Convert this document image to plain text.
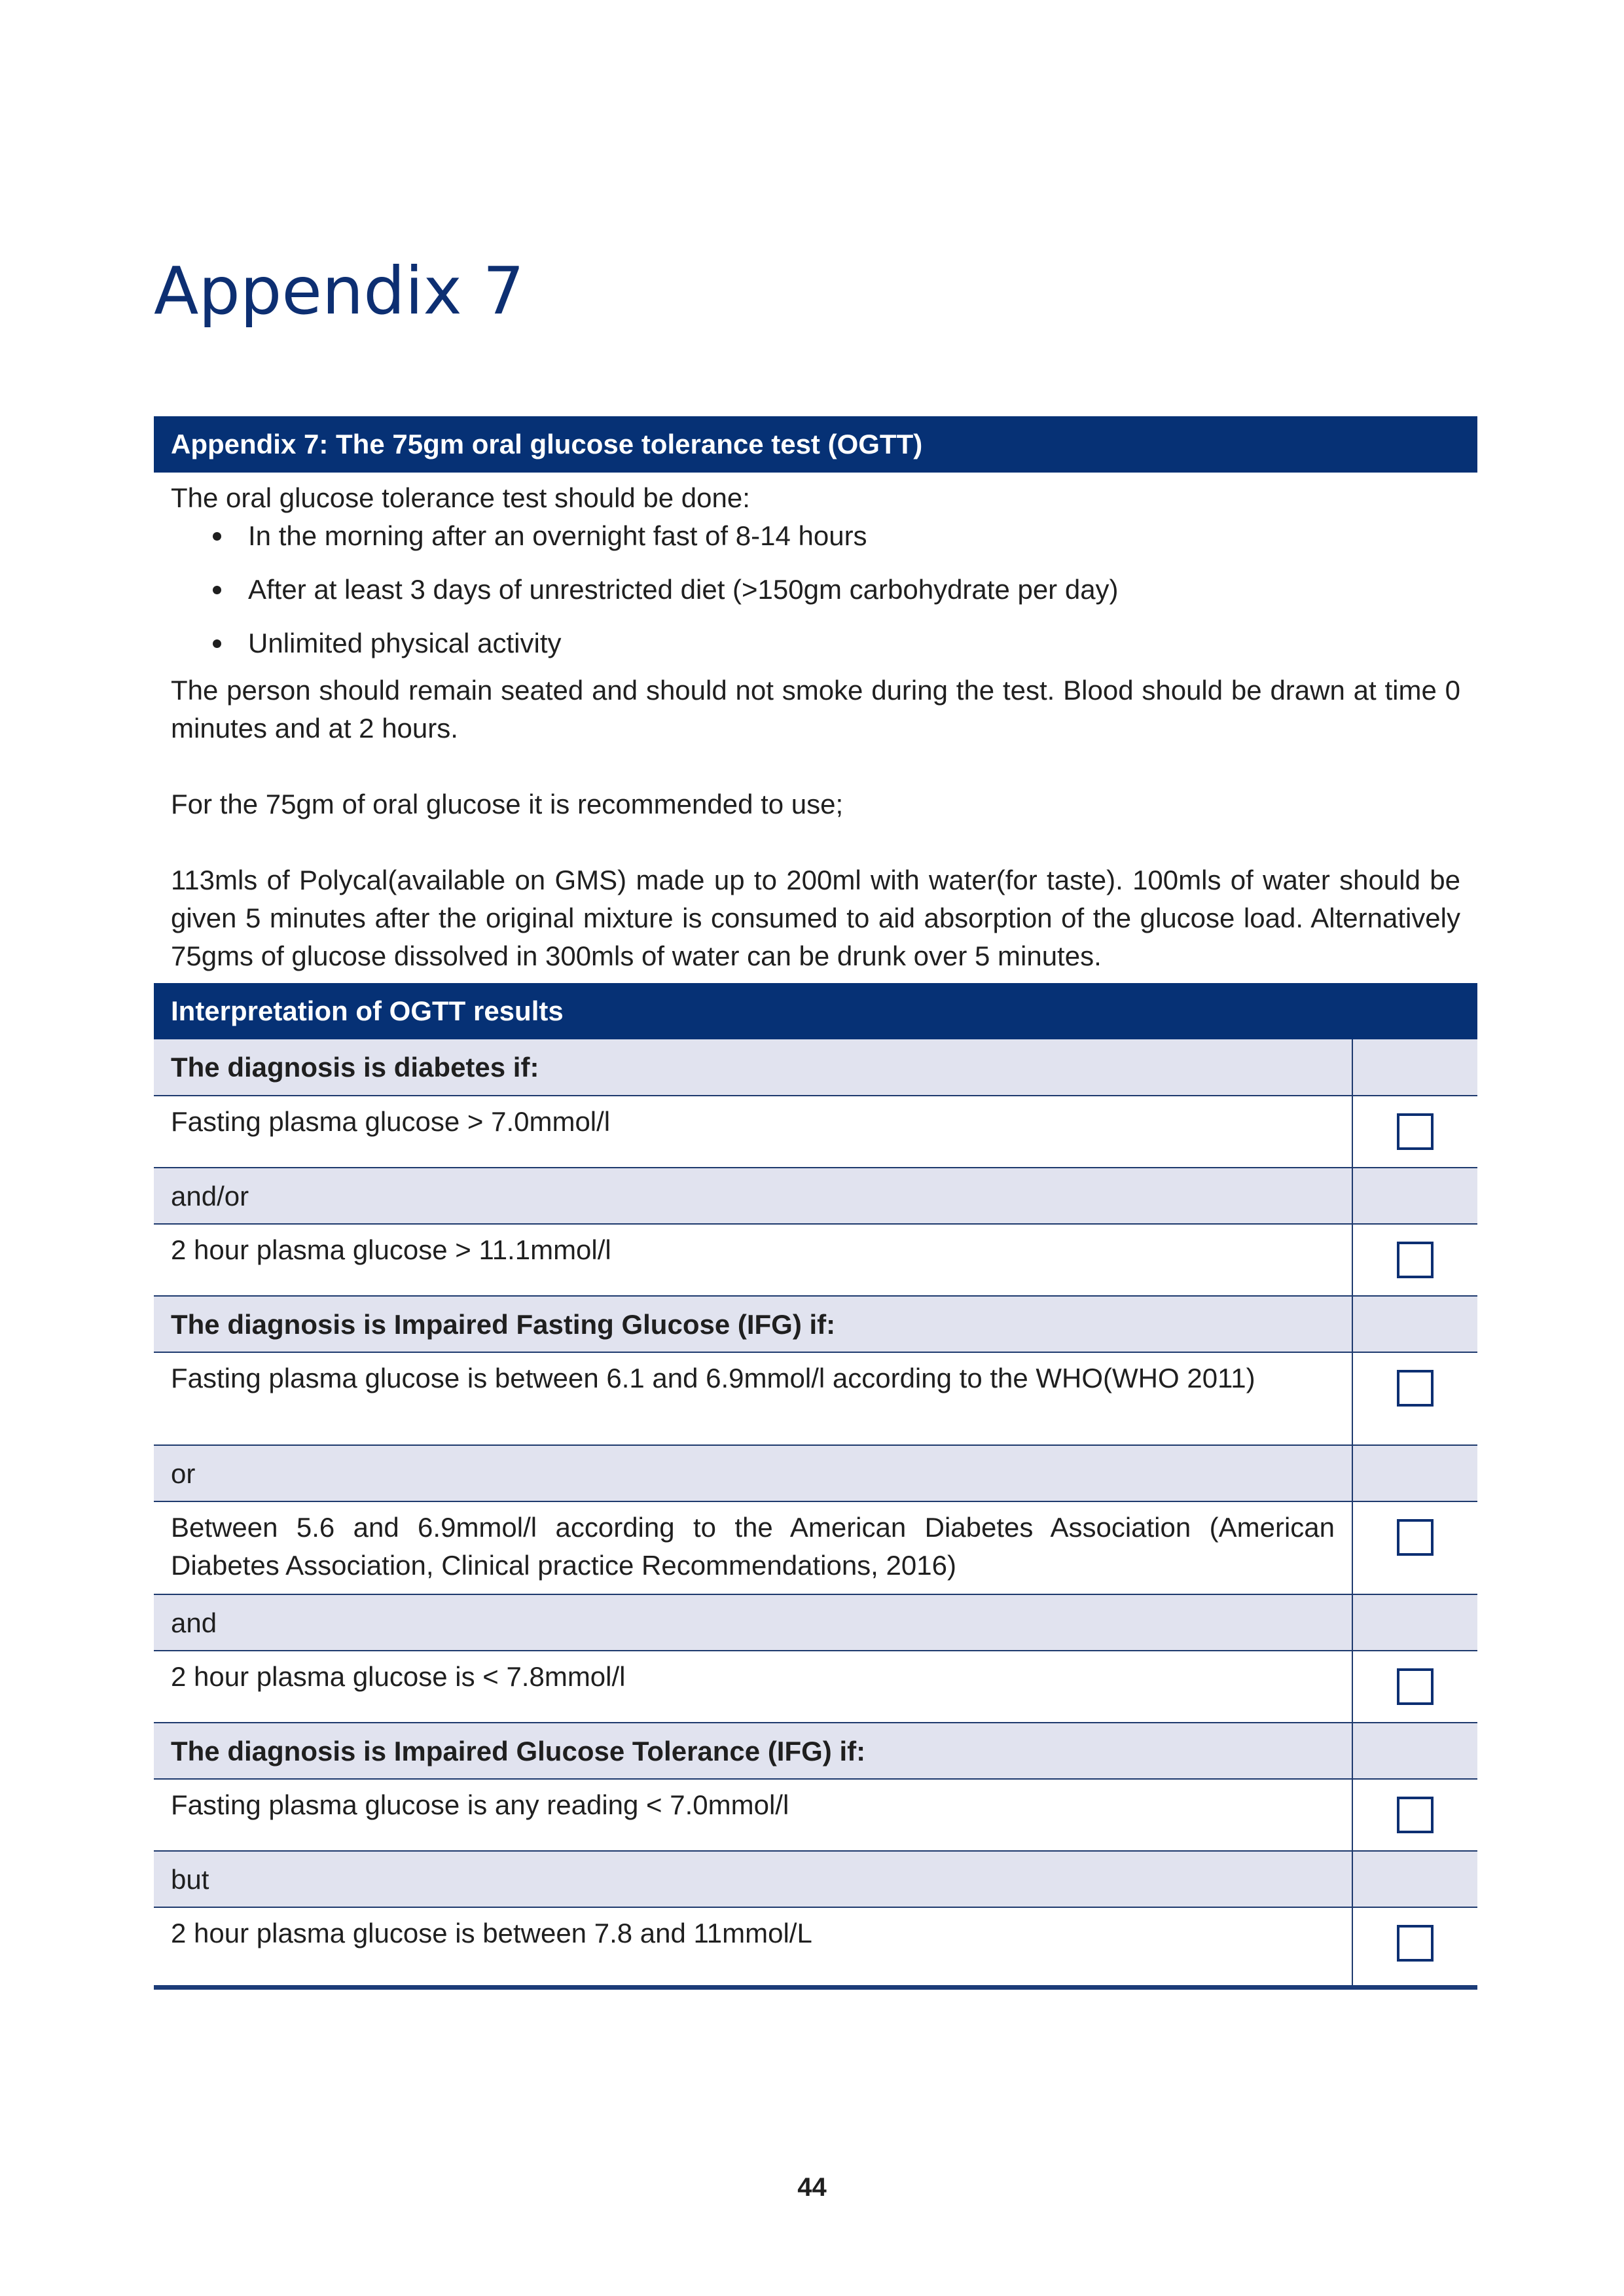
Appendix 7
Appendix 7: The 75gm oral glucose tolerance test (OGTT)

The oral glucose tolerance test should be done:

In the morning after an overnight fast of 8-14 hours
After at least 3 days of unrestricted diet (>150gm carbohydrate per day)
Unlimited physical activity

The person should remain seated and should not smoke during the test. Blood should be drawn at time 0 minutes and at 2 hours.

For the 75gm of oral glucose it is recommended to use;

113mls of Polycal(available on GMS) made up to 200ml with water(for taste). 100mls of water should be given 5 minutes after the original mixture is consumed to aid absorption of the glucose load. Alternatively 75gms of glucose dissolved in 300mls of water can be drunk over 5 minutes.

Interpretation of OGTT results
The diagnosis is diabetes if:	
Fasting plasma glucose > 7.0mmol/l	
and/or	
2 hour plasma glucose > 11.1mmol/l	
The diagnosis is Impaired Fasting Glucose (IFG) if:	
Fasting plasma glucose is between 6.1 and 6.9mmol/l according to the WHO(WHO 2011)	
or	
Between 5.6 and 6.9mmol/l according to the American Diabetes Association (American Diabetes Association, Clinical practice Recommendations, 2016)	
and	
2 hour plasma glucose is < 7.8mmol/l	
The diagnosis is Impaired Glucose Tolerance (IFG) if:	
Fasting plasma glucose is any reading < 7.0mmol/l	
but	
2 hour plasma glucose is between 7.8 and 11mmol/L	
44
